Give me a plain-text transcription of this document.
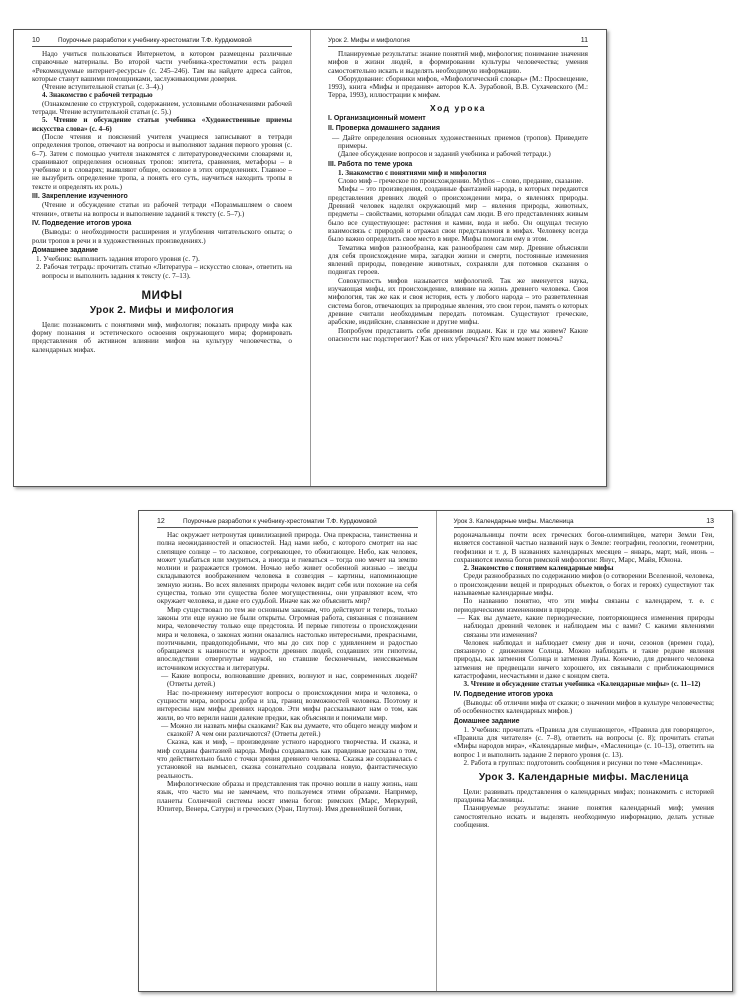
10	Поурочные разработки к учебнику-хрестоматии Т.Ф. Курдюмовой

Надо учиться пользоваться Интернетом, в котором размещены различные справочные материалы. Во второй части учебника-хрестоматии есть раздел «Рекомендуемые интернет-ресурсы» (с. 245–246). Там вы найдете адреса сайтов, которые станут вашими помощниками, заслуживающими доверия.

(Чтение вступительной статьи (с. 3–4).)

4. Знакомство с рабочей тетрадью

(Ознакомление со структурой, содержанием, условными обозначениями рабочей тетради. Чтение вступительной статьи (с. 5).)

5. Чтение и обсуждение статьи учебника «Художественные приемы искусства слова» (с. 4–6)

(После чтения и пояснений учителя учащиеся записывают в тетради определения тропов, отвечают на вопросы и выполняют задания первого уровня (с. 6–7). Затем с помощью учителя знакомятся с литературоведческими словарями и, сравнивают определения основных тропов: эпитета, сравнения, метафоры – в учебнике и в словарях; выявляют общее, основное в этих определениях. Главное – не вызубрить определение тропа, а понять его суть, научиться находить тропы в тексте и определять их роль.)

III. Закрепление изученного

(Чтение и обсуждение статьи из рабочей тетради «Поразмышляем о своем чтении», ответы на вопросы и выполнение заданий к тексту (с. 5–7).)

IV. Подведение итогов урока

(Выводы: о необходимости расширения и углубления читательского опыта; о роли тропов в речи и в художественных произведениях.)

Домашнее задание

1. Учебник: выполнить задания второго уровня (с. 7).

2. Рабочая тетрадь: прочитать статью «Литература – искусство слова», ответить на вопросы и выполнить задания к тексту (с. 7–13).

МИФЫ

Урок 2. Мифы и мифология

Цели: познакомить с понятиями миф, мифология; показать природу мифа как форму познания и эстетического освоения окружающего мира; формировать представления об активном влиянии мифов на культуру человечества, о календарных мифах.

Урок 2. Мифы и мифология	11

Планируемые результаты: знание понятий миф, мифология; понимание значения мифов в жизни людей, в формировании культуры человечества; умения самостоятельно искать и выделять необходимую информацию.

Оборудование: сборники мифов, «Мифологический словарь» (М.: Просвещение, 1993), книга «Мифы и предания» авторов К.А. Зурабовой, В.В. Сухачевского (М.: Терра, 1993), иллюстрации к мифам.

Ход урока

I. Организационный момент

II. Проверка домашнего задания

— Дайте определения основных художественных приемов (тропов). Приведите примеры.

(Далее обсуждение вопросов и заданий учебника и рабочей тетради.)

III. Работа по теме урока

1. Знакомство с понятиями миф и мифология

Слово миф – греческое по происхождению. Mythos – слово, предание, сказание.

Мифы – это произведения, созданные фантазией народа, в которых передаются представления древних людей о происхождении мира, о явлениях природы. Древний человек наделял окружающий мир – явления природы, животных, предметы – свойствами, которыми обладал сам люди. В его представлениях живым было все существующее: растения и камни, вода и небо. Он ощущал тесную взаимосвязь с природой и отражал свои представления в мифах. Человеку всегда было важно определить свое место в мире. Мифы помогали ему в этом.

Тематика мифов разнообразна, как разнообразен сам мир. Древние объясняли для себя происхождение мира, загадки жизни и смерти, постоянные изменения явлений природы, поведение животных, сохраняли для потомков сказания о подвигах героев.

Совокупность мифов называется мифологией. Так же именуется наука, изучающая мифы, их происхождение, влияние на жизнь древнего человека. Своя мифология, так же как и своя история, есть у любого народа – это разветвленная система богов, отвечающих за природные явления, это свои герои, память о которых древние считали необходимым передать потомкам. Существуют греческие, арабские, индийские, славянские и другие мифы.

Попробуем представить себя древними людьми. Как и где мы живем? Какие опасности нас подстерегают? Как от них уберечься? Кто нам может помочь?

12	Поурочные разработки к учебнику-хрестоматии Т.Ф. Курдюмовой

Нас окружает нетронутая цивилизацией природа. Она прекрасна, таинственна и полна неожиданностей и опасностей. Над нами небо, с которого смотрит на нас слепящее солнце – то ласковое, согревающее, то обжигающее. Небо, как человек, может улыбаться или хмуриться, а иногда и гневаться – тогда оно мечет на землю молнии и разражается громом. Ночью небо живет особенной жизнью – звезды складываются воображением человека в созвездия – картины, напоминающие земную жизнь. Во всех явлениях природы человек видит себя или похожие на себя существа, только эти существа более могущественны, они управляют всем, что окружает человека, и даже его судьбой. Иначе как же объяснить мир?

Мир существовал по тем же основным законам, что действуют и теперь, только законы эти еще нужно не были открыты. Огромная работа, связанная с познанием мира, человечеству только еще предстояла. И первые гипотезы о происхождении мира и человека, о законах жизни оказались настолько интересными, прекрасными, поэтичными, правдоподобными, что мы до сих пор с удивлением и радостью обращаемся к наивности и мудрости древних людей, создавших эти гипотезы, впоследствии отвергнутые наукой, но ставшие бесконечным, неиссякаемым источником искусства и литературы.

— Какие вопросы, волновавшие древних, волнуют и нас, современных людей? (Ответы детей.)

Нас по-прежнему интересуют вопросы о происхождении мира и человека, о сущности мира, вопросы добра и зла, границ возможностей человека. Поэтому и интересны нам мифы древних народов. Эти мифы рассказывают нам о том, как жили, во что верили наши далекие предки, как объясняли и понимали мир.

— Можно ли назвать мифы сказками? Как вы думаете, что общего между мифом и сказкой? А чем они различаются? (Ответы детей.)

Сказка, как и миф, – произведение устного народного творчества. И сказка, и миф созданы фантазией народа. Мифы создавались как правдивые рассказы о том, что действительно было с точки зрения древнего человека. Сказка же создавалась с установкой на вымысел, сказка сознательно создавала новую, фантастическую реальность.

Мифологические образы и представления так прочно вошли в нашу жизнь, наш язык, что часто мы не замечаем, что пользуемся этими образами. Например, планеты Солнечной системы носят имена богов: римских (Марс, Меркурий, Юпитер, Венера, Сатурн) и греческих (Уран, Плутон). Имя древнейшей богини,

Урок 3. Календарные мифы. Масленица	13

родоначальницы почти всех греческих богов-олимпийцев, матери Земли Геи, является составной частью названий наук о Земле: географии, геологии, геометрии, геофизики и т. д. В названиях календарных месяцев – январь, март, май, июнь – сохраняются имена богов римской мифологии: Янус, Марс, Майя, Юнона.

2. Знакомство с понятием календарные мифы

Среди разнообразных по содержанию мифов (о сотворении Вселенной, человека, о происхождении вещей и природных объектов, о богах и героях) существуют так называемые календарные мифы.

По названию понятно, что эти мифы связаны с календарем, т. е. с периодическими изменениями в природе.

— Как вы думаете, какие периодические, повторяющиеся изменения природы наблюдал древний человек и наблюдаем мы с вами? С какими явлениями связаны эти изменения?

Человек наблюдал и наблюдает смену дня и ночи, сезонов (времен года), связанную с движением Солнца. Можно наблюдать и такие редкие явления природы, как затмения Солнца и затмения Луны. Конечно, для древнего человека затмения не предвещали ничего хорошего, их связывали с приближающимися катастрофами, несчастьями и даже с концом света.

3. Чтение и обсуждение статьи учебника «Календарные мифы» (с. 11–12)

IV. Подведение итогов урока

(Выводы: об отличии мифа от сказки; о значении мифов в культуре человечества; об особенностях календарных мифов.)

Домашнее задание

1. Учебник: прочитать «Правила для слушающего», «Правила для говорящего», «Правила для читателя» (с. 7–8), ответить на вопросы (с. 8); прочитать статьи «Мифы народов мира», «Календарные мифы», «Масленица» (с. 10–13), ответить на вопрос 1 и выполнить задание 2 первого уровня (с. 13).

2. Работа в группах: подготовить сообщения и рисунки по теме «Масленица».

Урок 3. Календарные мифы. Масленица

Цели: развивать представления о календарных мифах; познакомить с историей праздника Масленицы.

Планируемые результаты: знание понятия календарный миф; умения самостоятельно искать и выделять необходимую информацию, делать устные сообщения.
